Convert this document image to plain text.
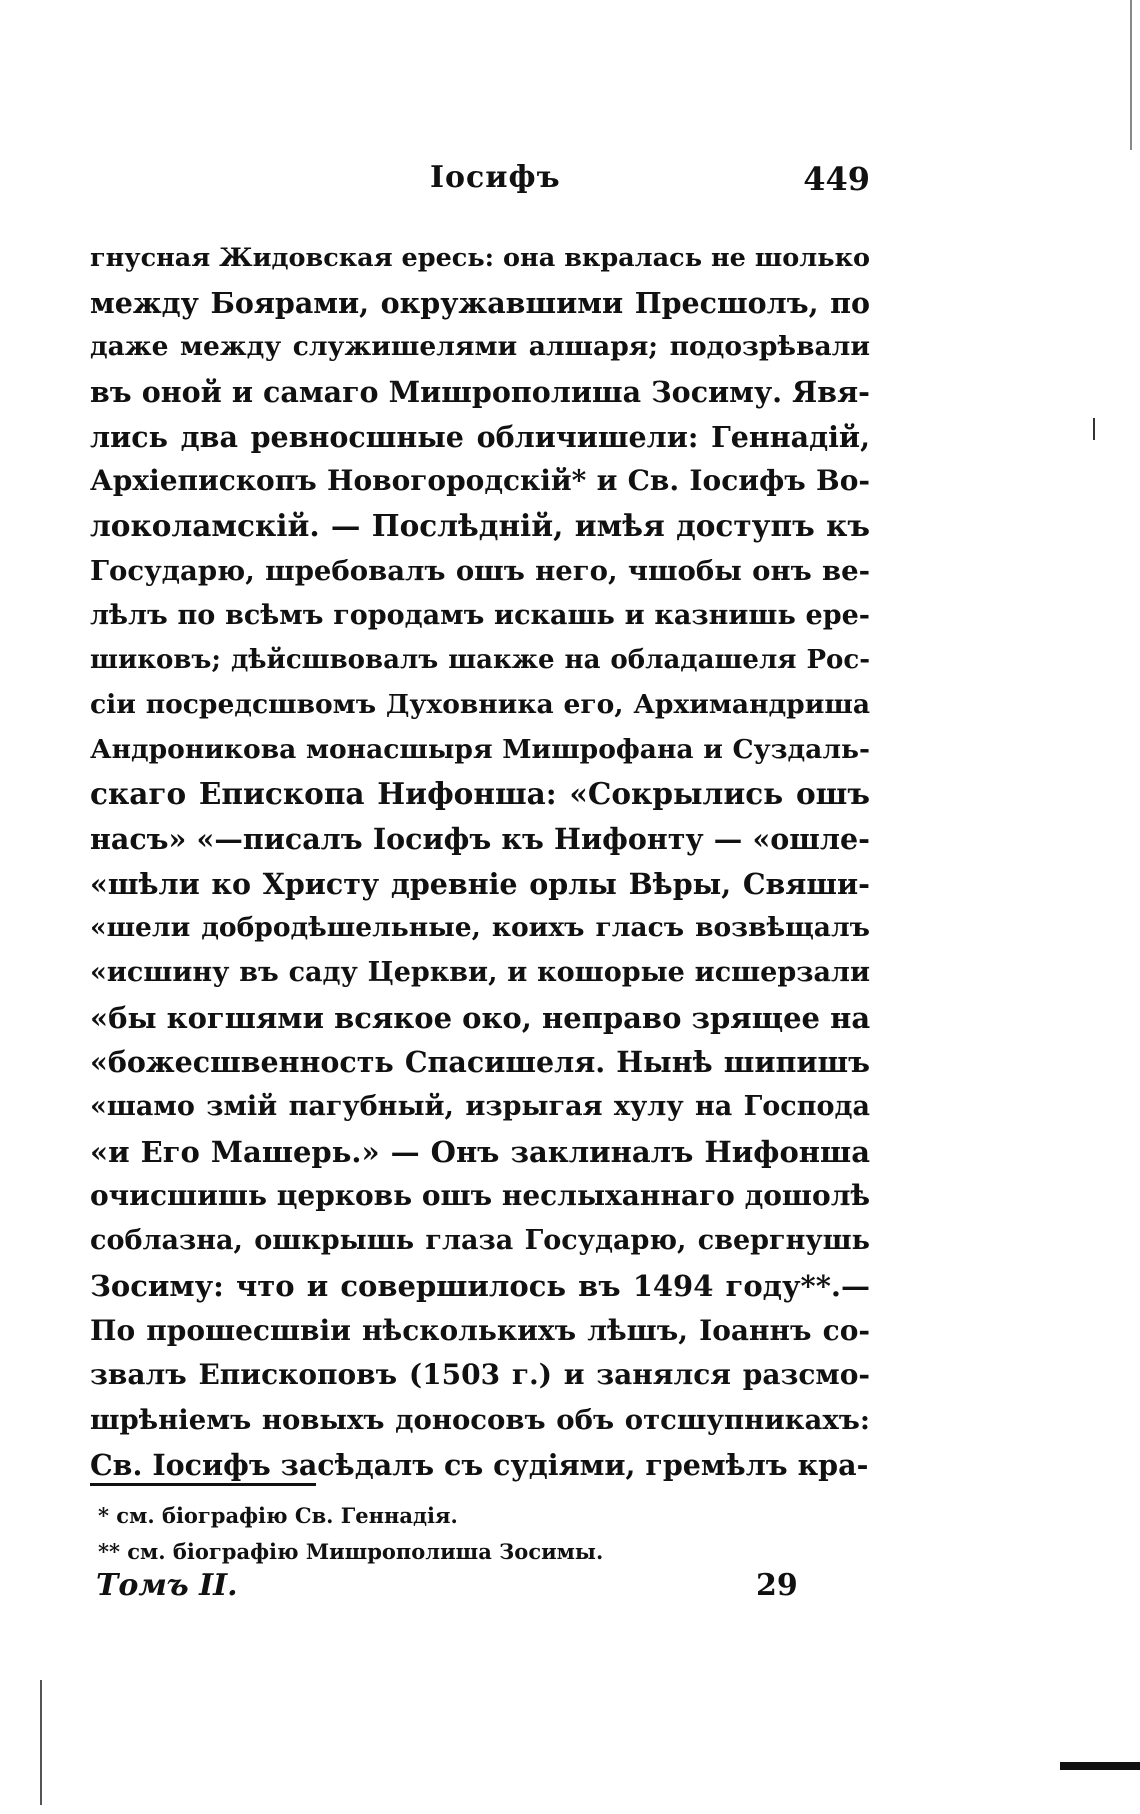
Іосифъ	449
гнусная Жидовская ересь: она вкралась не шолько
между Боярами, окружавшими Пресшолъ, по
даже между служишелями алшаря; подозрѣвали
въ оной и самаго Мишрополиша Зосиму. Явя-
лись два ревносшные обличишели: Геннадій,
Архіепископъ Новогородскій* и Св. Іосифъ Во-
локоламскій. — Послѣдній, имѣя доступъ къ
Государю, шребовалъ ошъ него, чшобы онъ ве-
лѣлъ по всѣмъ городамъ искашь и казнишь ере-
шиковъ; дѣйсшвовалъ шакже на обладашеля Рос-
сіи посредсшвомъ Духовника его, Архимандриша
Андроникова монасшыря Мишрофана и Суздаль-
скаго Епископа Нифонша: «Сокрылись ошъ
насъ» «—писалъ Іосифъ къ Нифонту — «ошле-
«шѣли ко Христу древніе орлы Вѣры, Свяши-
«шели добродѣшельные, коихъ гласъ возвѣщалъ
«исшину въ саду Церкви, и кошорые исшерзали
«бы когшями всякое око, неправо зрящее на
«божесшвенность Спасишеля. Нынѣ шипишъ
«шамо змій пагубный, изрыгая хулу на Господа
«и Его Машерь.» — Онъ заклиналъ Нифонша
очисшишь церковь ошъ неслыханнаго дошолѣ
соблазна, ошкрышь глаза Государю, свергнушь
Зосиму: что и совершилось въ 1494 году**.—
По прошесшвіи нѣсколькихъ лѣшъ, Іоаннъ со-
звалъ Епископовъ (1503 г.) и занялся разсмо-
шрѣніемъ новыхъ доносовъ объ отсшупникахъ:
Св. Іосифъ засѣдалъ съ судіями, гремѣлъ кра-
* см. біографію Св. Геннадія.
** см. біографію Мишрополиша Зосимы.
Томъ II.	29
